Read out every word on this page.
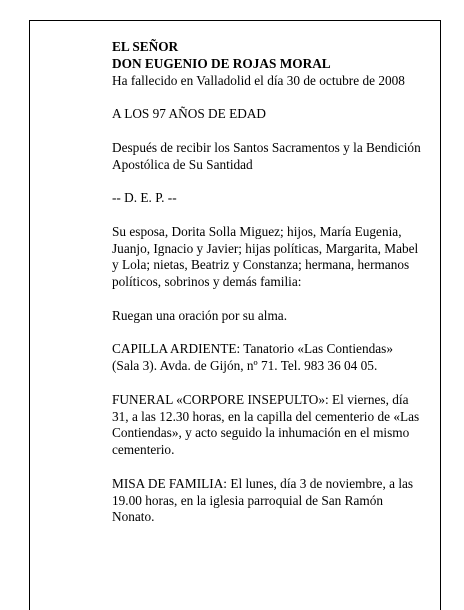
EL SEÑOR
DON EUGENIO DE ROJAS MORAL
Ha fallecido en Valladolid el día 30 de octubre de 2008

A LOS 97 AÑOS DE EDAD

Después de recibir los Santos Sacramentos y la Bendición Apostólica de Su Santidad

-- D. E. P. --

Su esposa, Dorita Solla Miguez; hijos, María Eugenia, Juanjo, Ignacio y Javier; hijas políticas, Margarita, Mabel y Lola; nietas, Beatriz y Constanza; hermana, hermanos políticos, sobrinos y demás familia:

Ruegan una oración por su alma.

CAPILLA ARDIENTE: Tanatorio «Las Contiendas» (Sala 3). Avda. de Gijón, nº 71. Tel. 983 36 04 05.

FUNERAL «CORPORE INSEPULTO»: El viernes, día 31, a las 12.30 horas, en la capilla del cementerio de «Las Contiendas», y acto seguido la inhumación en el mismo cementerio.

MISA DE FAMILIA: El lunes, día 3 de noviembre, a las 19.00 horas, en la iglesia parroquial de San Ramón Nonato.
